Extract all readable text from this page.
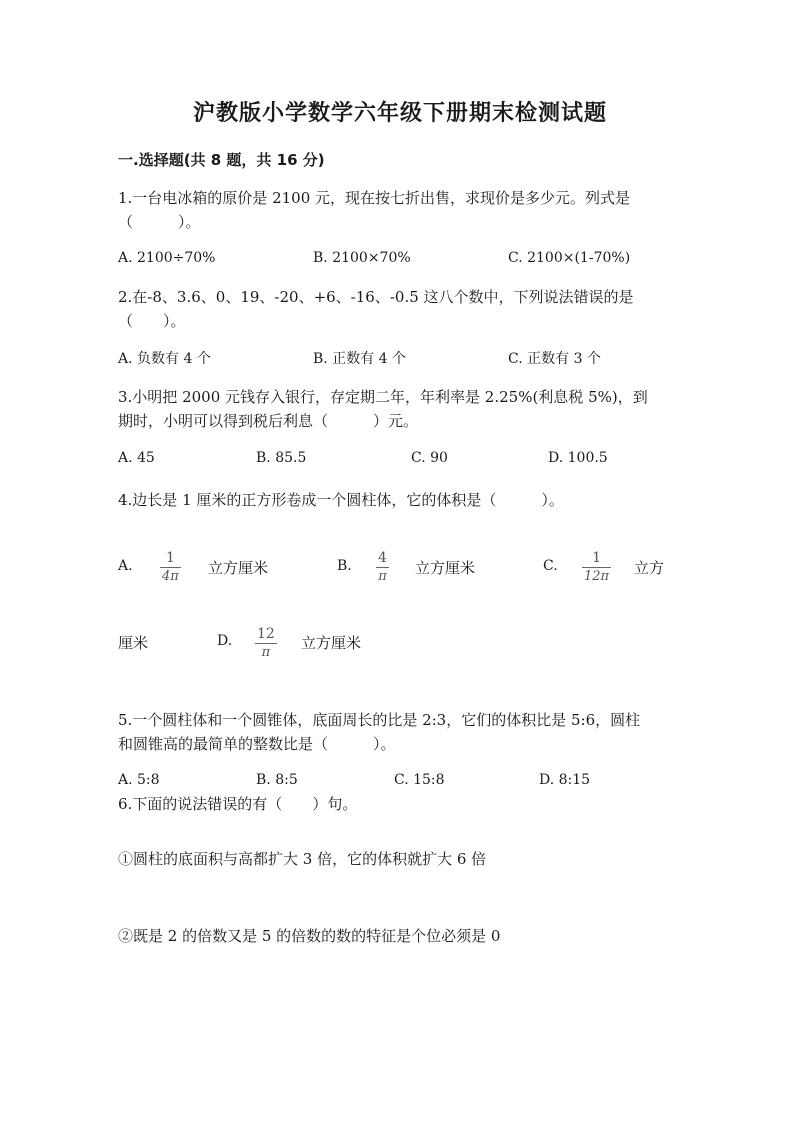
沪教版小学数学六年级下册期末检测试题
一.选择题(共 8 题，共 16 分)

1.一台电冰箱的原价是 2100 元，现在按七折出售，求现价是多少元。列式是

（　　　）。

A. 2100÷70%	B. 2100×70%	C. 2100×(1-70%)

2.在-8、3.6、0、19、-20、+6、-16、-0.5 这八个数中，下列说法错误的是

（　　）。

A. 负数有 4 个	B. 正数有 4 个	C. 正数有 3 个

3.小明把 2000 元钱存入银行，存定期二年，年利率是 2.25%(利息税 5%)，到

期时，小明可以得到税后利息（　　　）元。

A. 45	B. 85.5	C. 90	D. 100.5

4.边长是 1 厘米的正方形卷成一个圆柱体，它的体积是（　　　）。

A.	1
4π 立方厘米	B. 4
π 立方厘米	C.	1
12π 立方
厘米	D. 12
π
立方厘米

5.一个圆柱体和一个圆锥体，底面周长的比是 2:3，它们的体积比是 5:6，圆柱

和圆锥高的最简单的整数比是（　　　）。

A. 5:8	B. 8:5	C. 15:8	D. 8:15

6.下面的说法错误的有（　　）句。

①圆柱的底面积与高都扩大 3 倍，它的体积就扩大 6 倍
②既是 2 的倍数又是 5 的倍数的数的特征是个位必须是 0
